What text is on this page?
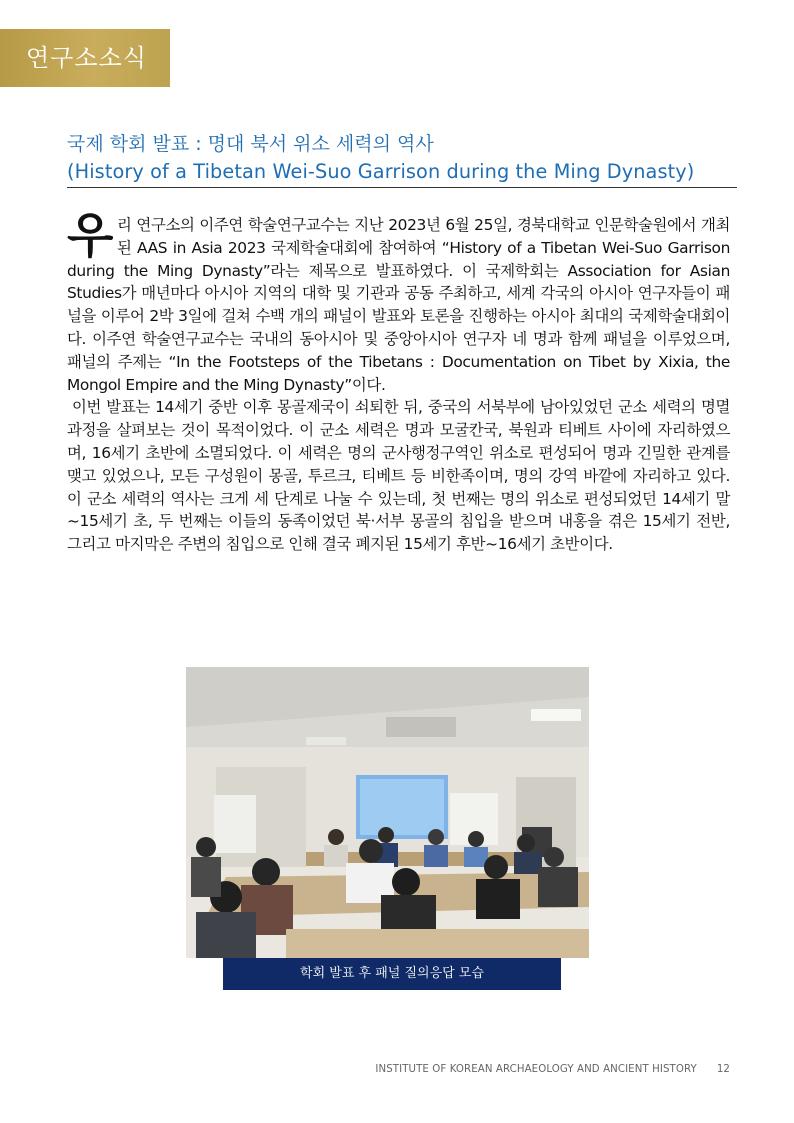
연구소소식
국제 학회 발표 : 명대 북서 위소 세력의 역사
(History of a Tibetan Wei-Suo Garrison during the Ming Dynasty)

우리 연구소의 이주연 학술연구교수는 지난 2023년 6월 25일, 경북대학교 인문학술원에서 개최된 AAS in Asia 2023 국제학술대회에 참여하여 “History of a Tibetan Wei-Suo Garrison during the Ming Dynasty”라는 제목으로 발표하였다. 이 국제학회는 Association for Asian Studies가 매년마다 아시아 지역의 대학 및 기관과 공동 주최하고, 세계 각국의 아시아 연구자들이 패널을 이루어 2박 3일에 걸쳐 수백 개의 패널이 발표와 토론을 진행하는 아시아 최대의 국제학술대회이다. 이주연 학술연구교수는 국내의 동아시아 및 중앙아시아 연구자 네 명과 함께 패널을 이루었으며, 패널의 주제는 “In the Footsteps of the Tibetans : Documentation on Tibet by Xixia, the Mongol Empire and the Ming Dynasty”이다.

이번 발표는 14세기 중반 이후 몽골제국이 쇠퇴한 뒤, 중국의 서북부에 남아있었던 군소 세력의 명멸과정을 살펴보는 것이 목적이었다. 이 군소 세력은 명과 모굴칸국, 북원과 티베트 사이에 자리하였으며, 16세기 초반에 소멸되었다. 이 세력은 명의 군사행정구역인 위소로 편성되어 명과 긴밀한 관계를 맺고 있었으나, 모든 구성원이 몽골, 투르크, 티베트 등 비한족이며, 명의 강역 바깥에 자리하고 있다. 이 군소 세력의 역사는 크게 세 단계로 나눌 수 있는데, 첫 번째는 명의 위소로 편성되었던 14세기 말~15세기 초, 두 번째는 이들의 동족이었던 북·서부 몽골의 침입을 받으며 내홍을 겪은 15세기 전반, 그리고 마지막은 주변의 침입으로 인해 결국 폐지된 15세기 후반~16세기 초반이다.

학회 발표 후 패널 질의응답 모습
INSTITUTE OF KOREAN ARCHAEOLOGY AND ANCIENT HISTORY 12
